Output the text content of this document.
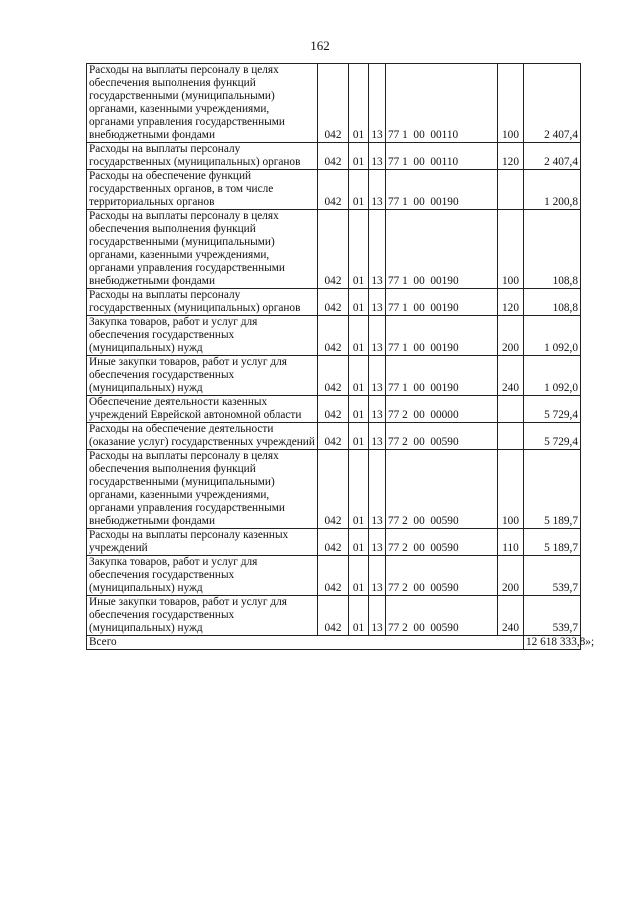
162
Расходы на выплаты персоналу в целях обеспечения выполнения функций государственными (муниципальными) органами, казенными учреждениями, органами управления государственными внебюджетными фондами	042	01	13	77 1  00  00110	100	2 407,4
Расходы на выплаты персоналу государственных (муниципальных) органов	042	01	13	77 1  00  00110	120	2 407,4
Расходы на обеспечение функций государственных органов, в том числе территориальных органов	042	01	13	77 1  00  00190		1 200,8
Расходы на выплаты персоналу в целях обеспечения выполнения функций государственными (муниципальными) органами, казенными учреждениями, органами управления государственными внебюджетными фондами	042	01	13	77 1  00  00190	100	108,8
Расходы на выплаты персоналу государственных (муниципальных) органов	042	01	13	77 1  00  00190	120	108,8
Закупка товаров, работ и услуг для обеспечения государственных (муниципальных) нужд	042	01	13	77 1  00  00190	200	1 092,0
Иные закупки товаров, работ и услуг для обеспечения государственных (муниципальных) нужд	042	01	13	77 1  00  00190	240	1 092,0
Обеспечение деятельности казенных учреждений Еврейской автономной области	042	01	13	77 2  00  00000		5 729,4
Расходы на обеспечение деятельности (оказание услуг) государственных учреждений	042	01	13	77 2  00  00590		5 729,4
Расходы на выплаты персоналу в целях обеспечения выполнения функций государственными (муниципальными) органами, казенными учреждениями, органами управления государственными внебюджетными фондами	042	01	13	77 2  00  00590	100	5 189,7
Расходы на выплаты персоналу казенных учреждений	042	01	13	77 2  00  00590	110	5 189,7
Закупка товаров, работ и услуг для обеспечения государственных (муниципальных) нужд	042	01	13	77 2  00  00590	200	539,7
Иные закупки товаров, работ и услуг для обеспечения государственных (муниципальных) нужд	042	01	13	77 2  00  00590	240	539,7
Всего						12 618 333,8»;
